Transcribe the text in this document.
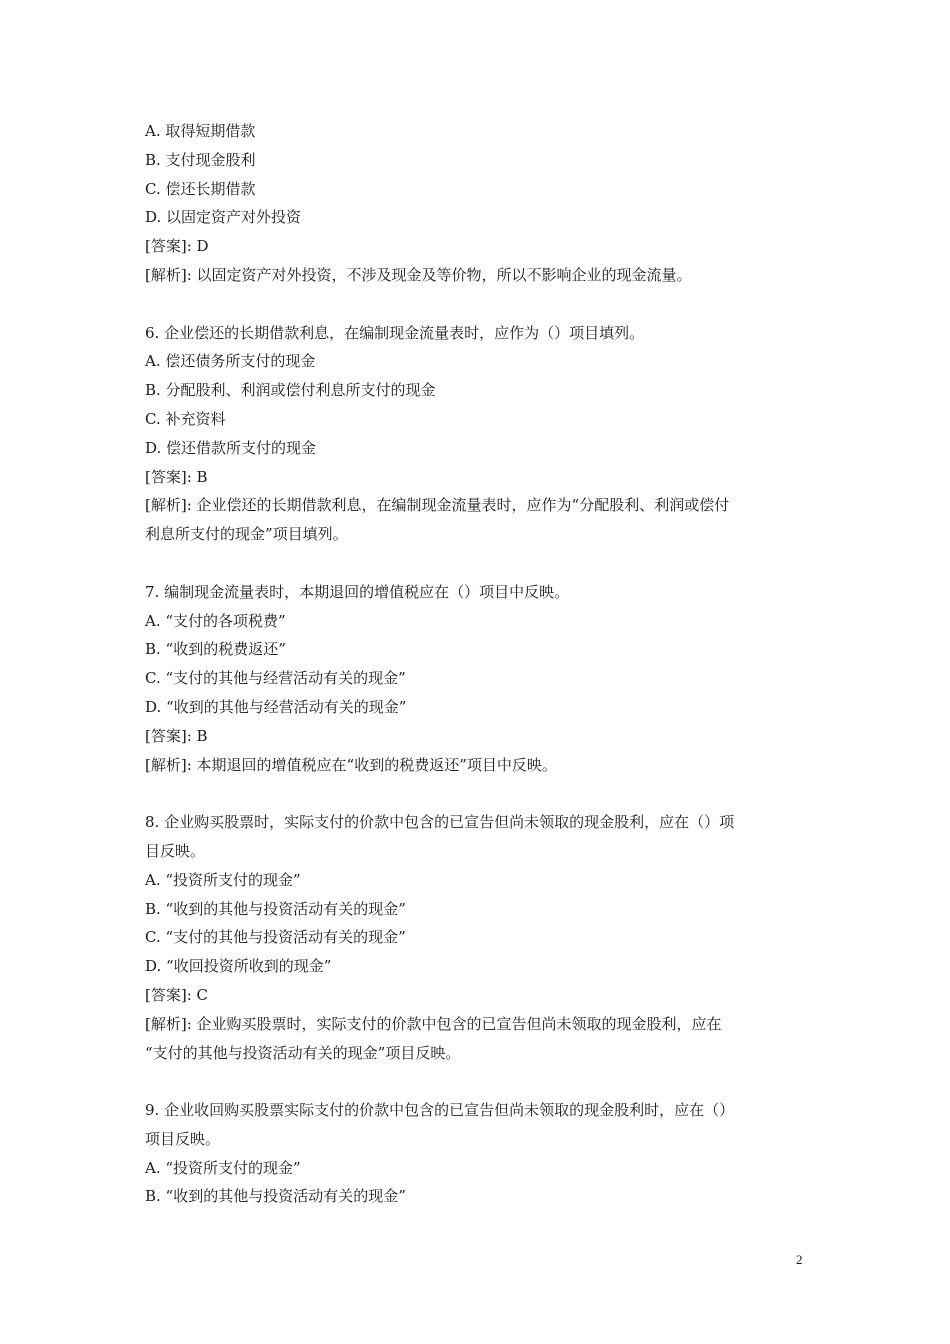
A. 取得短期借款

B. 支付现金股利

C. 偿还长期借款

D. 以固定资产对外投资

[答案]: D

[解析]: 以固定资产对外投资，不涉及现金及等价物，所以不影响企业的现金流量。

6. 企业偿还的长期借款利息，在编制现金流量表时，应作为（）项目填列。

A. 偿还债务所支付的现金

B. 分配股利、利润或偿付利息所支付的现金

C. 补充资料

D. 偿还借款所支付的现金

[答案]: B

[解析]: 企业偿还的长期借款利息，在编制现金流量表时，应作为“分配股利、利润或偿付

利息所支付的现金”项目填列。

7. 编制现金流量表时，本期退回的增值税应在（）项目中反映。

A. “支付的各项税费”

B. “收到的税费返还”

C. “支付的其他与经营活动有关的现金”

D. “收到的其他与经营活动有关的现金”

[答案]: B

[解析]: 本期退回的增值税应在“收到的税费返还”项目中反映。

8. 企业购买股票时，实际支付的价款中包含的已宣告但尚未领取的现金股利，应在（）项

目反映。

A. “投资所支付的现金”

B. “收到的其他与投资活动有关的现金”

C. “支付的其他与投资活动有关的现金”

D. “收回投资所收到的现金”

[答案]: C

[解析]: 企业购买股票时，实际支付的价款中包含的已宣告但尚未领取的现金股利，应在

“支付的其他与投资活动有关的现金”项目反映。

9. 企业收回购买股票实际支付的价款中包含的已宣告但尚未领取的现金股利时，应在（）

项目反映。

A. “投资所支付的现金”

B. “收到的其他与投资活动有关的现金”

2
